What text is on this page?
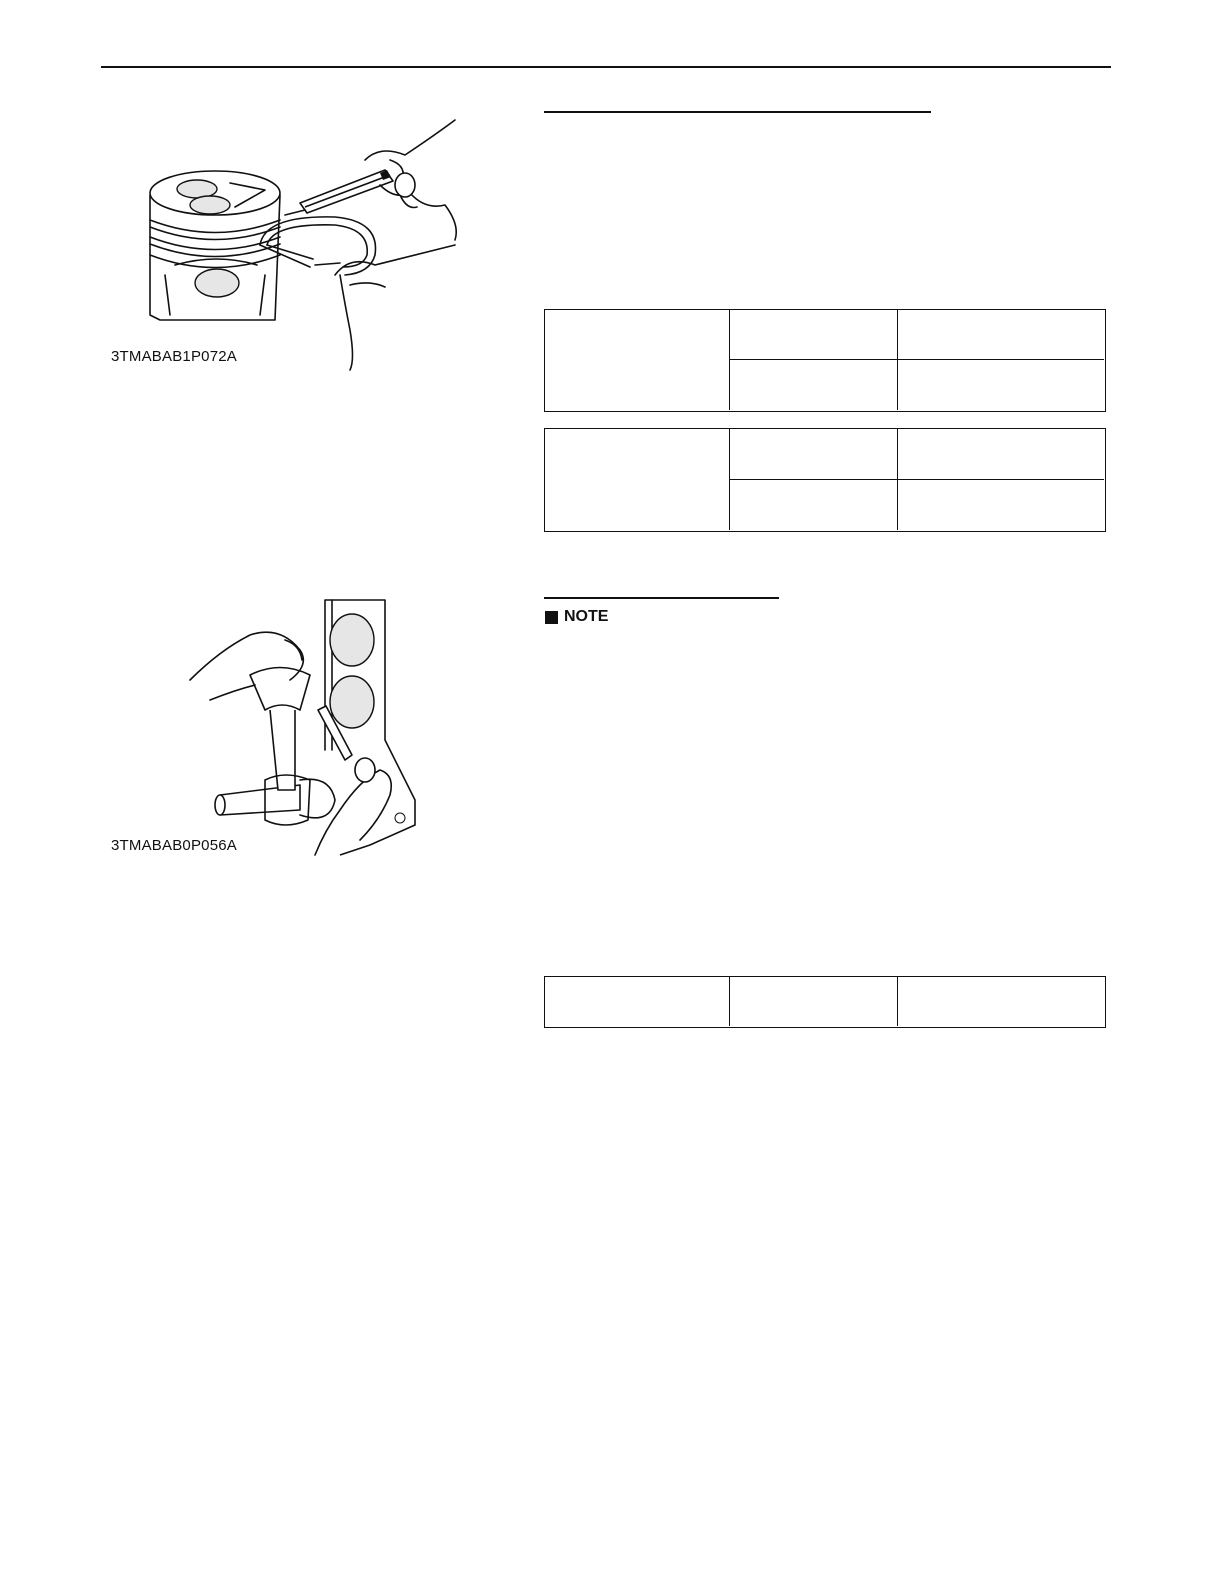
3TMABAB1P072A
3TMABAB0P056A
NOTE
